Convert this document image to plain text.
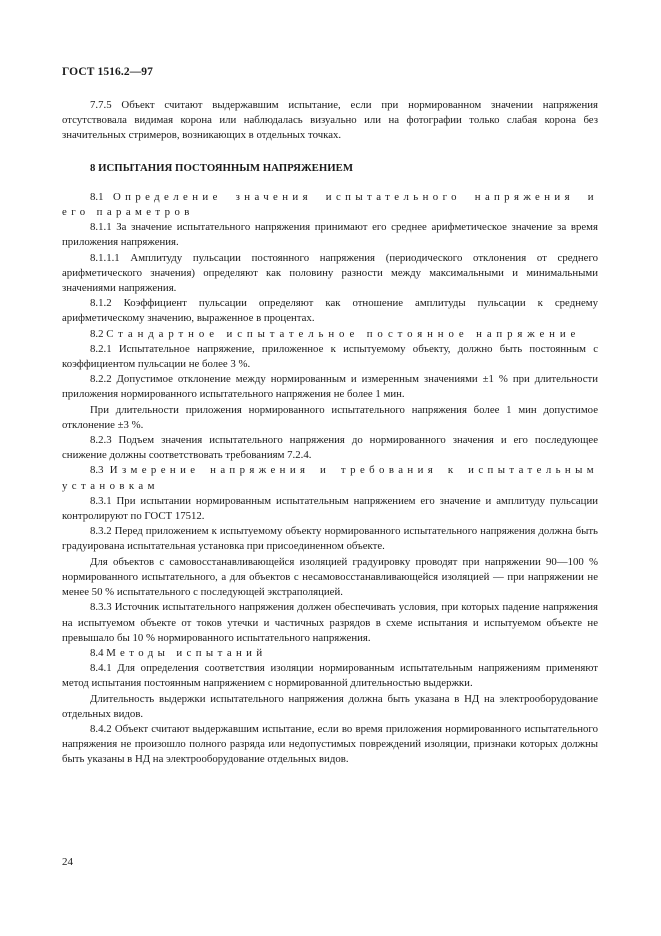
ГОСТ 1516.2—97

7.7.5 Объект считают выдержавшим испытание, если при нормированном значении напряжения отсутствовала видимая корона или наблюдалась визуально или на фотографии только слабая корона без значительных стримеров, возникающих в отдельных точках.

8 ИСПЫТАНИЯ ПОСТОЯННЫМ НАПРЯЖЕНИЕМ

8.1 Определение значения испытательного напряжения и его параметров

8.1.1 За значение испытательного напряжения принимают его среднее арифметическое значение за время приложения напряжения.

8.1.1.1 Амплитуду пульсации постоянного напряжения (периодического отклонения от среднего арифметического значения) определяют как половину разности между максимальными и минимальными значениями напряжения.

8.1.2 Коэффициент пульсации определяют как отношение амплитуды пульсации к среднему арифметическому значению, выраженное в процентах.

8.2 Стандартное испытательное постоянное напряжение

8.2.1 Испытательное напряжение, приложенное к испытуемому объекту, должно быть постоянным с коэффициентом пульсации не более 3 %.

8.2.2 Допустимое отклонение между нормированным и измеренным значениями ±1 % при длительности приложения нормированного испытательного напряжения не более 1 мин.

При длительности приложения нормированного испытательного напряжения более 1 мин допустимое отклонение ±3 %.

8.2.3 Подъем значения испытательного напряжения до нормированного значения и его последующее снижение должны соответствовать требованиям 7.2.4.

8.3 Измерение напряжения и требования к испытательным установкам

8.3.1 При испытании нормированным испытательным напряжением его значение и амплитуду пульсации контролируют по ГОСТ 17512.

8.3.2 Перед приложением к испытуемому объекту нормированного испытательного напряжения должна быть градуирована испытательная установка при присоединенном объекте.

Для объектов с самовосстанавливающейся изоляцией градуировку проводят при напряжении 90—100 % нормированного испытательного, а для объектов с несамовосстанавливающейся изоляцией — при напряжении не менее 50 % испытательного с последующей экстраполяцией.

8.3.3 Источник испытательного напряжения должен обеспечивать условия, при которых падение напряжения на испытуемом объекте от токов утечки и частичных разрядов в схеме испытания и испытуемом объекте не превышало бы 10 % нормированного испытательного напряжения.

8.4 Методы испытаний

8.4.1 Для определения соответствия изоляции нормированным испытательным напряжениям применяют метод испытания постоянным напряжением с нормированной длительностью выдержки.

Длительность выдержки испытательного напряжения должна быть указана в НД на электрооборудование отдельных видов.

8.4.2 Объект считают выдержавшим испытание, если во время приложения нормированного испытательного напряжения не произошло полного разряда или недопустимых повреждений изоляции, признаки которых должны быть указаны в НД на электрооборудование отдельных видов.

24
